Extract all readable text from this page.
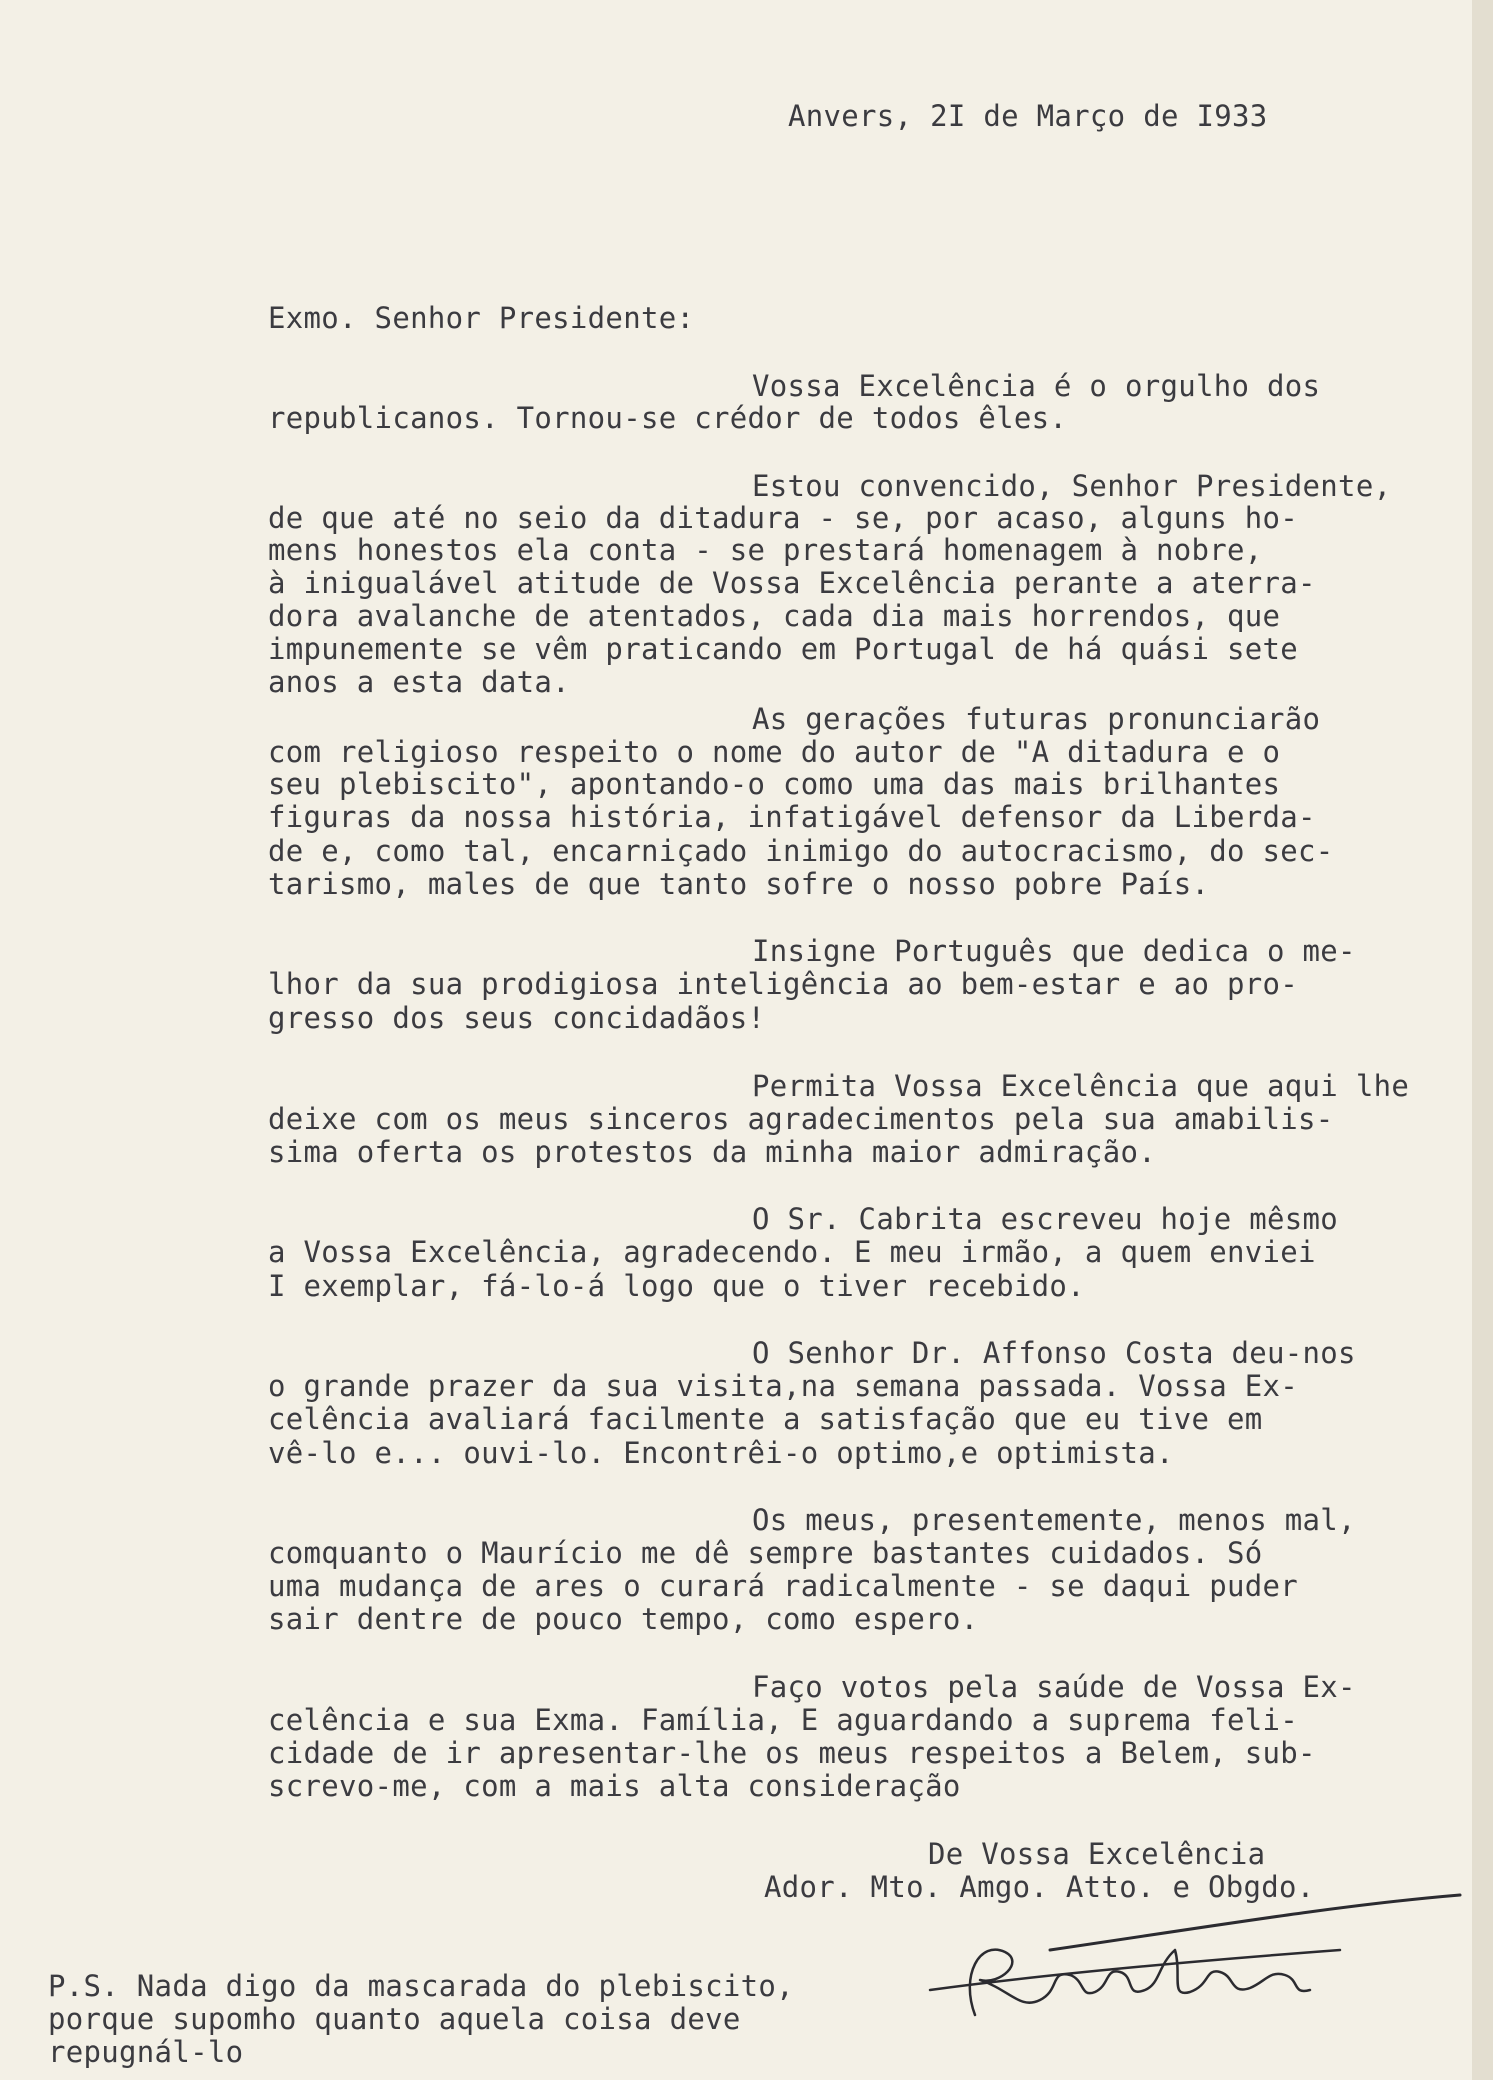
Anvers, 2I de Março de I933
Exmo. Senhor Presidente:
Vossa Excelência é o orgulho dos
republicanos. Tornou-se crédor de todos êles.
Estou convencido, Senhor Presidente,
de que até no seio da ditadura - se, por acaso, alguns ho-
mens honestos ela conta - se prestará homenagem à nobre,
à inigualável atitude de Vossa Excelência perante a aterra-
dora avalanche de atentados, cada dia mais horrendos, que
impunemente se vêm praticando em Portugal de há quási sete
anos a esta data.
As gerações futuras pronunciarão
com religioso respeito o nome do autor de "A ditadura e o
seu plebiscito", apontando-o como uma das mais brilhantes
figuras da nossa história, infatigável defensor da Liberda-
de e, como tal, encarniçado inimigo do autocracismo, do sec-
tarismo, males de que tanto sofre o nosso pobre País.
Insigne Português que dedica o me-
lhor da sua prodigiosa inteligência ao bem-estar e ao pro-
gresso dos seus concidadãos!
Permita Vossa Excelência que aqui lhe
deixe com os meus sinceros agradecimentos pela sua amabilis-
sima oferta os protestos da minha maior admiração.
O Sr. Cabrita escreveu hoje mêsmo
a Vossa Excelência, agradecendo. E meu irmão, a quem enviei
I exemplar, fá-lo-á logo que o tiver recebido.
O Senhor Dr. Affonso Costa deu-nos
o grande prazer da sua visita,na semana passada. Vossa Ex-
celência avaliará facilmente a satisfação que eu tive em
vê-lo e... ouvi-lo. Encontrêi-o optimo,e optimista.
Os meus, presentemente, menos mal,
comquanto o Maurício me dê sempre bastantes cuidados. Só
uma mudança de ares o curará radicalmente - se daqui puder
sair dentre de pouco tempo, como espero.
Faço votos pela saúde de Vossa Ex-
celência e sua Exma. Família, E aguardando a suprema feli-
cidade de ir apresentar-lhe os meus respeitos a Belem, sub-
screvo-me, com a mais alta consideração
De Vossa Excelência
Ador. Mto. Amgo. Atto. e Obgdo.
P.S. Nada digo da mascarada do plebiscito,
porque supomho quanto aquela coisa deve
repugnál-lo
